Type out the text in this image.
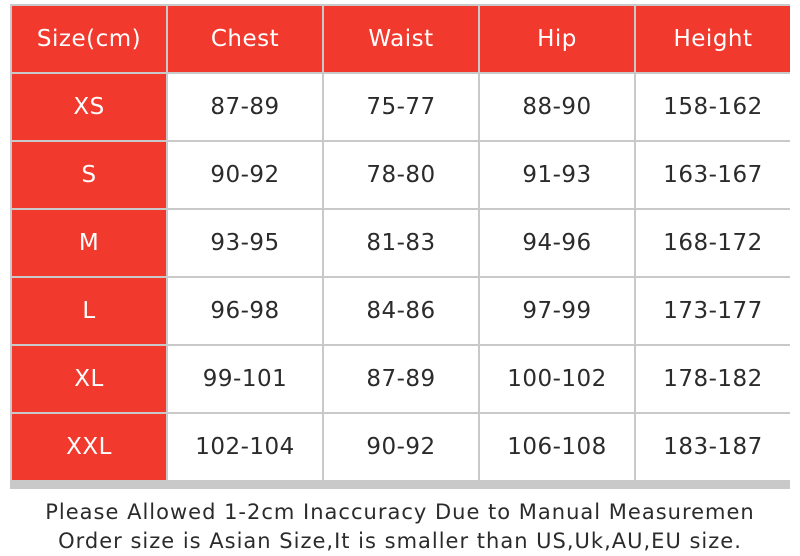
Size(cm)	Chest	Waist	Hip	Height
XS	87-89	75-77	88-90	158-162
S	90-92	78-80	91-93	163-167
M	93-95	81-83	94-96	168-172
L	96-98	84-86	97-99	173-177
XL	99-101	87-89	100-102	178-182
XXL	102-104	90-92	106-108	183-187
Please Allowed 1-2cm Inaccuracy Due to Manual Measuremen
Order size is Asian Size,It is smaller than US,Uk,AU,EU size.
